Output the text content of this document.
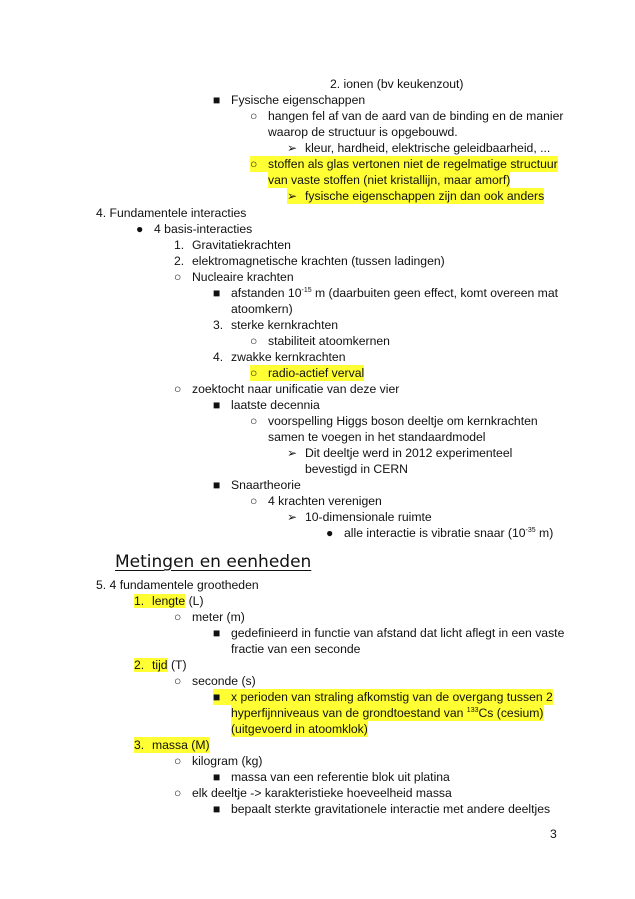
2. ionen (bv keukenzout)
■ Fysische eigenschappen
○ hangen fel af van de aard van de binding en de manier
waarop de structuur is opgebouwd.
➢ kleur, hardheid, elektrische geleidbaarheid, ...
○ stoffen als glas vertonen niet de regelmatige structuur
van vaste stoffen (niet kristallijn, maar amorf)
➢ fysische eigenschappen zijn dan ook anders
4. Fundamentele interacties
● 4 basis-interacties
1. Gravitatiekrachten
2. elektromagnetische krachten (tussen ladingen)
○ Nucleaire krachten
■ afstanden $10^{-15}$ m (daarbuiten geen effect, komt overeen mat
atoomkern)
3. sterke kernkrachten
○ stabiliteit atoomkernen
4. zwakke kernkrachten
○ radio-actief verval
○ zoektocht naar unificatie van deze vier
■ laatste decennia
○ voorspelling Higgs boson deeltje om kernkrachten
samen te voegen in het standaardmodel
➢ Dit deeltje werd in 2012 experimenteel
bevestigd in CERN
■ Snaartheorie
○ 4 krachten verenigen
➢ 10-dimensionale ruimte
● alle interactie is vibratie snaar ($10^{-35}$ m)
Metingen en eenheden
5. 4 fundamentele grootheden
1. lengte (L)
○ meter (m)
■ gedefinieerd in functie van afstand dat licht aflegt in een vaste
fractie van een seconde
2. tijd (T)
○ seconde (s)
■ x perioden van straling afkomstig van de overgang tussen 2
hyperfijnniveaus van de grondtoestand van $^{133}$Cs (cesium)
(uitgevoerd in atoomklok)
3. massa (M)
○ kilogram (kg)
■ massa van een referentie blok uit platina
○ elk deeltje -> karakteristieke hoeveelheid massa
■ bepaalt sterkte gravitationele interactie met andere deeltjes
3
